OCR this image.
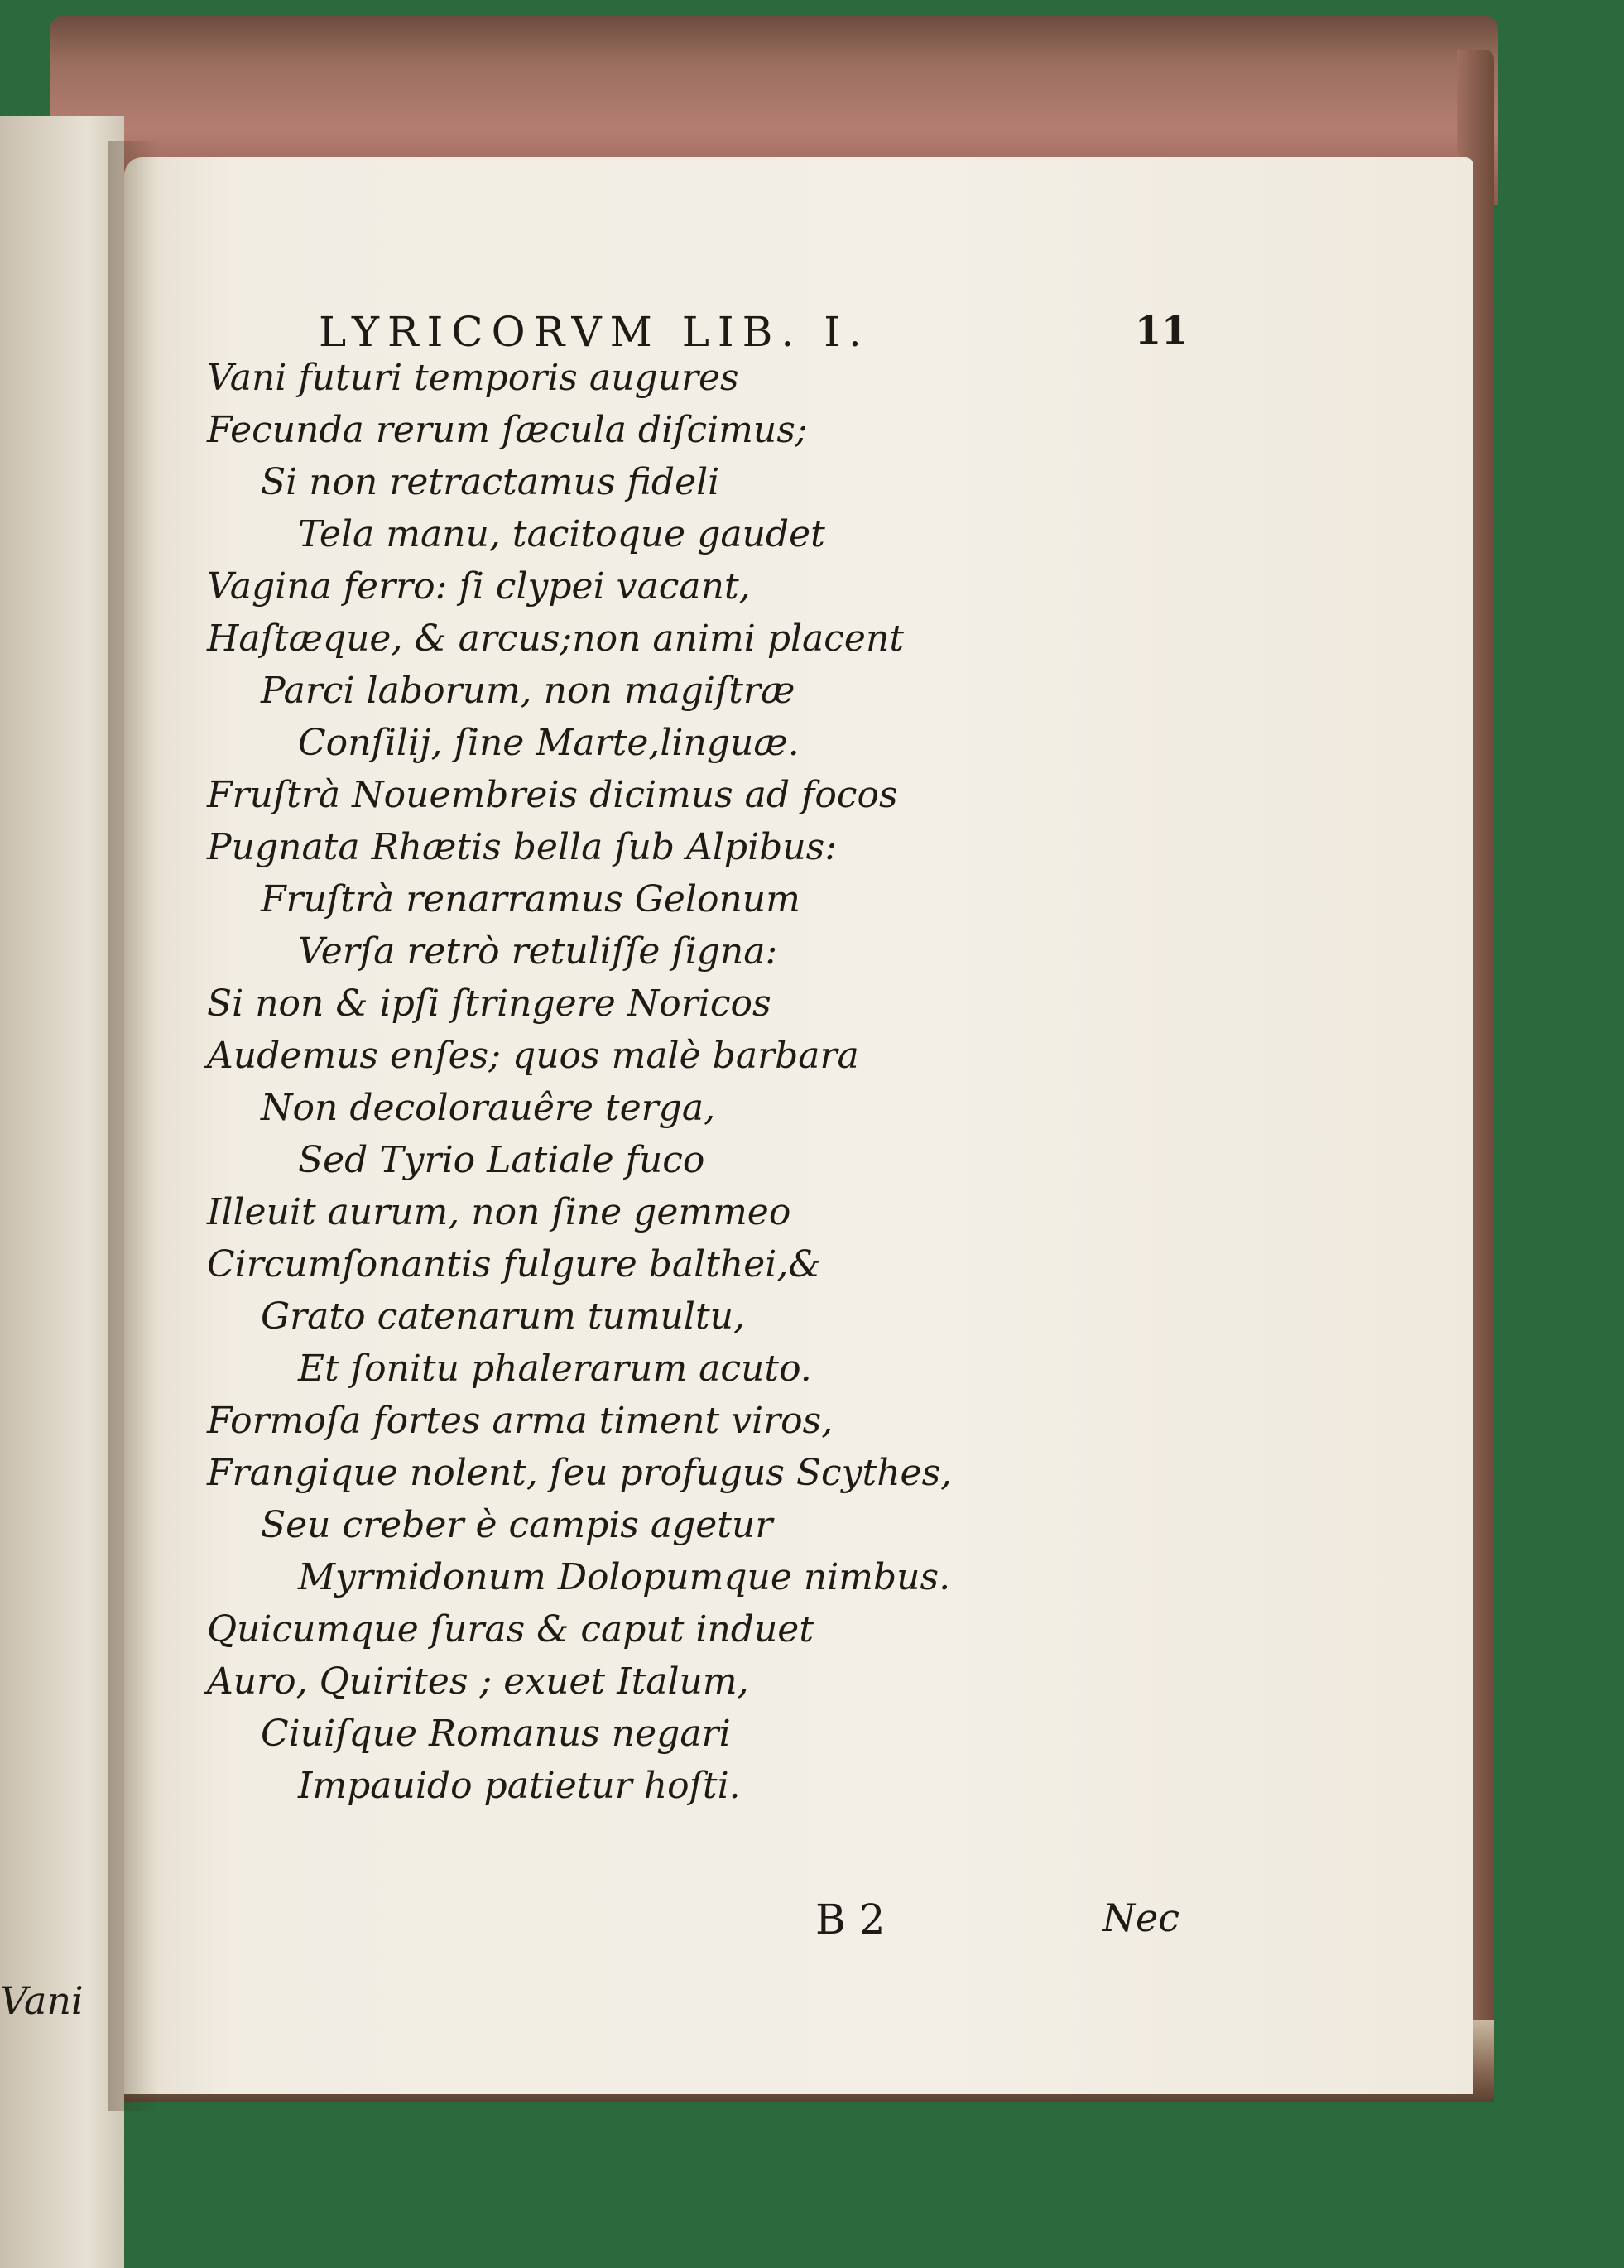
Vani
LYRICORVM LIB. I.	11
Vani futuri temporis augures
Fecunda rerum ſæcula diſcimus;
Si non retractamus fideli
Tela manu, tacitoque gaudet
Vagina ferro: ſi clypei vacant,
Haſtæque, & arcus;non animi placent
Parci laborum, non magiſtræ
Conſilij, ſine Marte,linguæ.
Fruſtrà Nouembreis dicimus ad focos
Pugnata Rhætis bella ſub Alpibus:
Fruſtrà renarramus Gelonum
Verſa retrò retuliſſe ſigna:
Si non & ipſi ſtringere Noricos
Audemus enſes; quos malè barbara
Non decolorauêre terga,
Sed Tyrio Latiale fuco
Illeuit aurum, non ſine gemmeo
Circumſonantis fulgure balthei,&
Grato catenarum tumultu,
Et ſonitu phalerarum acuto.
Formoſa fortes arma timent viros,
Frangique nolent, ſeu profugus Scythes,
Seu creber è campis agetur
Myrmidonum Dolopumque nimbus.
Quicumque ſuras & caput induet
Auro, Quirites ; exuet Italum,
Ciuiſque Romanus negari
Impauido patietur hoſti.
B 2	Nec
